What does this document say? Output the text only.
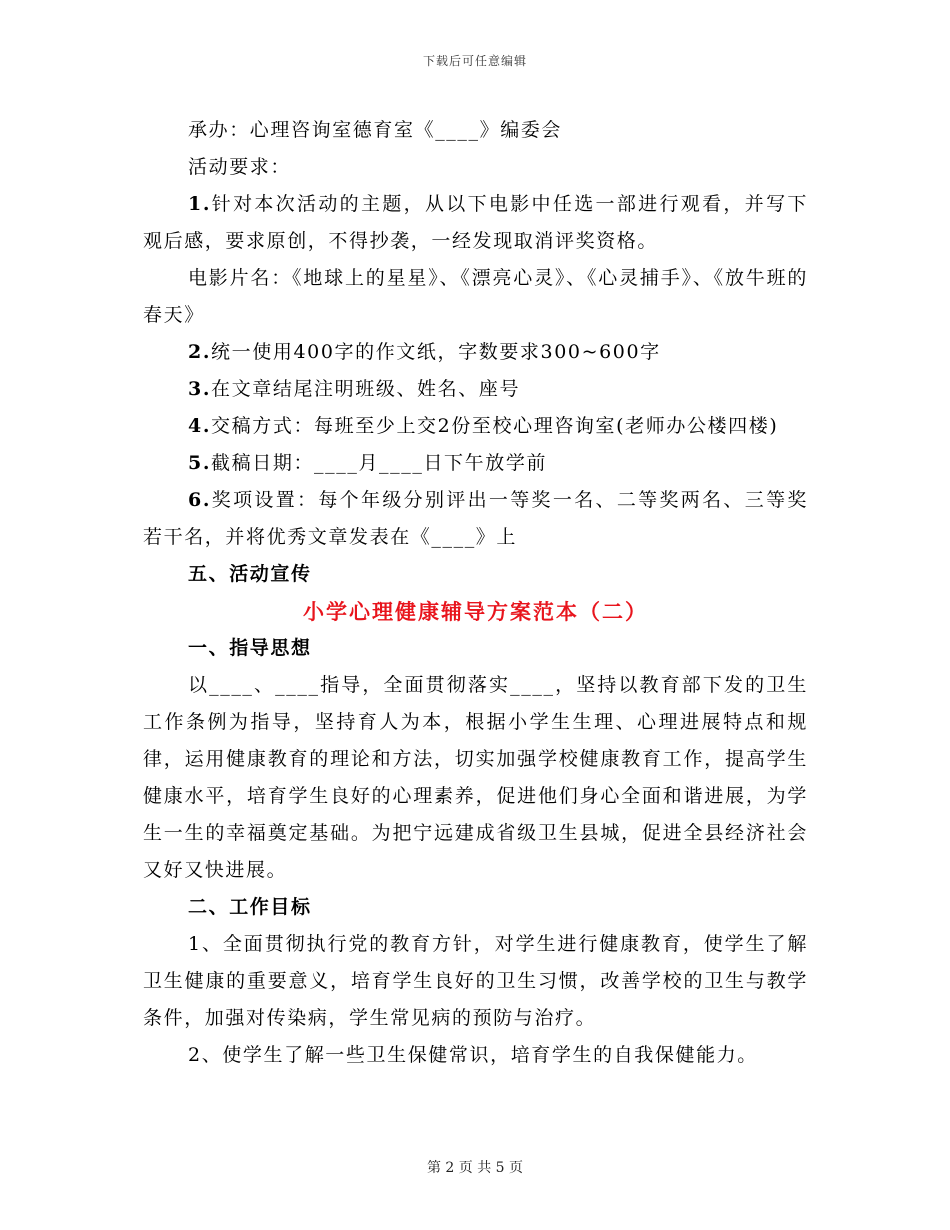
下载后可任意编辑

承办：心理咨询室德育室《____》编委会

活动要求：

1.针对本次活动的主题，从以下电影中任选一部进行观看，并写下观后感，要求原创，不得抄袭，一经发现取消评奖资格。

电影片名：《地球上的星星》、《漂亮心灵》、《心灵捕手》、《放牛班的春天》

2.统一使用400字的作文纸，字数要求300~600字

3.在文章结尾注明班级、姓名、座号

4.交稿方式：每班至少上交2份至校心理咨询室(老师办公楼四楼)

5.截稿日期：____月____日下午放学前

6.奖项设置：每个年级分别评出一等奖一名、二等奖两名、三等奖若干名，并将优秀文章发表在《____》上

五、活动宣传

小学心理健康辅导方案范本（二）

一、指导思想

以____、____指导，全面贯彻落实____，坚持以教育部下发的卫生工作条例为指导，坚持育人为本，根据小学生生理、心理进展特点和规律，运用健康教育的理论和方法，切实加强学校健康教育工作，提高学生健康水平，培育学生良好的心理素养，促进他们身心全面和谐进展，为学生一生的幸福奠定基础。为把宁远建成省级卫生县城，促进全县经济社会又好又快进展。

二、工作目标

1、全面贯彻执行党的教育方针，对学生进行健康教育，使学生了解卫生健康的重要意义，培育学生良好的卫生习惯，改善学校的卫生与教学条件，加强对传染病，学生常见病的预防与治疗。

2、使学生了解一些卫生保健常识，培育学生的自我保健能力。

第 2 页 共 5 页
